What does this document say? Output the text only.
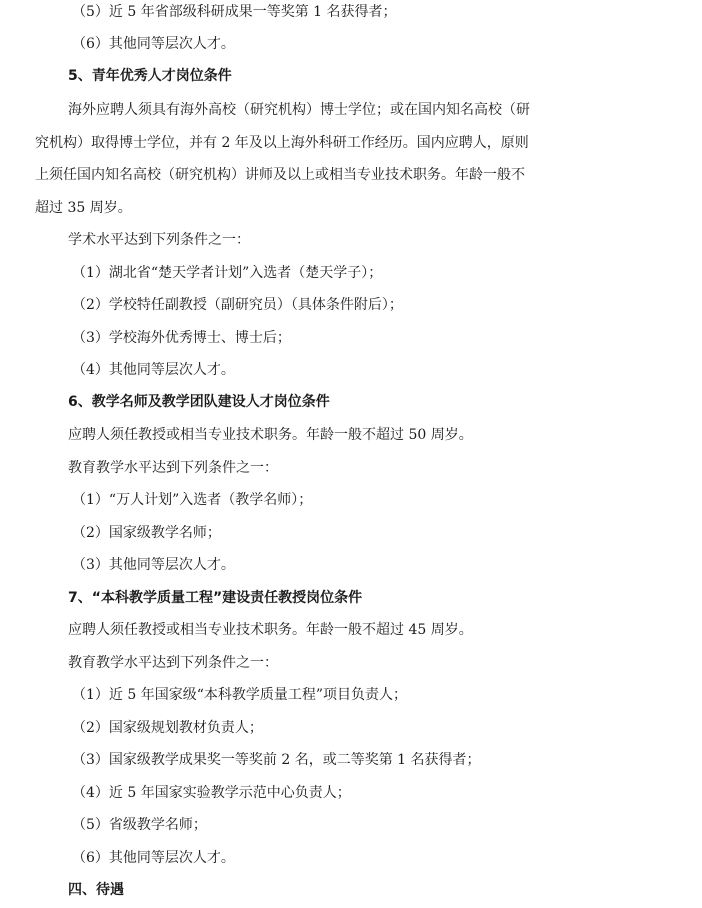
（5）近 5 年省部级科研成果一等奖第 1 名获得者；
（6）其他同等层次人才。
5、青年优秀人才岗位条件
海外应聘人须具有海外高校（研究机构）博士学位；或在国内知名高校（研
究机构）取得博士学位，并有 2 年及以上海外科研工作经历。国内应聘人，原则
上须任国内知名高校（研究机构）讲师及以上或相当专业技术职务。年龄一般不
超过 35 周岁。
学术水平达到下列条件之一：
（1）湖北省“楚天学者计划”入选者（楚天学子）；
（2）学校特任副教授（副研究员）（具体条件附后）；
（3）学校海外优秀博士、博士后；
（4）其他同等层次人才。
6、教学名师及教学团队建设人才岗位条件
应聘人须任教授或相当专业技术职务。年龄一般不超过 50 周岁。
教育教学水平达到下列条件之一：
（1）“万人计划”入选者（教学名师）；
（2）国家级教学名师；
（3）其他同等层次人才。
7、“本科教学质量工程”建设责任教授岗位条件
应聘人须任教授或相当专业技术职务。年龄一般不超过 45 周岁。
教育教学水平达到下列条件之一：
（1）近 5 年国家级“本科教学质量工程”项目负责人；
（2）国家级规划教材负责人；
（3）国家级教学成果奖一等奖前 2 名，或二等奖第 1 名获得者；
（4）近 5 年国家实验教学示范中心负责人；
（5）省级教学名师；
（6）其他同等层次人才。
四、待遇
